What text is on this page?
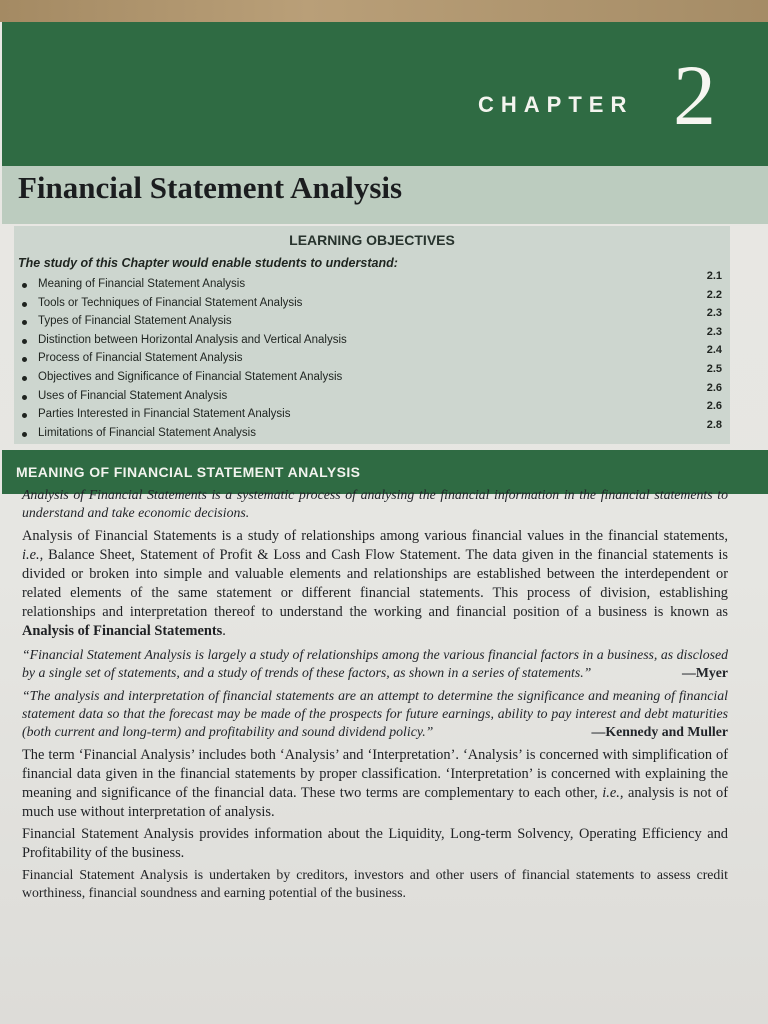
CHAPTER 2
Financial Statement Analysis
LEARNING OBJECTIVES
The study of this Chapter would enable students to understand:
Meaning of Financial Statement Analysis
2.1
Tools or Techniques of Financial Statement Analysis
2.2
Types of Financial Statement Analysis
2.3
Distinction between Horizontal Analysis and Vertical Analysis
2.3
Process of Financial Statement Analysis
2.4
Objectives and Significance of Financial Statement Analysis
2.5
Uses of Financial Statement Analysis
2.6
Parties Interested in Financial Statement Analysis
2.6
Limitations of Financial Statement Analysis
2.8
MEANING OF FINANCIAL STATEMENT ANALYSIS

Analysis of Financial Statements is a systematic process of analysing the financial information in the financial statements to understand and take economic decisions.

Analysis of Financial Statements is a study of relationships among various financial values in the financial statements, i.e., Balance Sheet, Statement of Profit & Loss and Cash Flow Statement. The data given in the financial statements is divided or broken into simple and valuable elements and relationships are established between the interdependent or related elements of the same statement or different financial statements. This process of division, establishing relationships and interpretation thereof to understand the working and financial position of a business is known as Analysis of Financial Statements.

“Financial Statement Analysis is largely a study of relationships among the various financial factors in a business, as disclosed by a single set of statements, and a study of trends of these factors, as shown in a series of statements.”	—Myer

“The analysis and interpretation of financial statements are an attempt to determine the significance and meaning of financial statement data so that the forecast may be made of the prospects for future earnings, ability to pay interest and debt maturities (both current and long-term) and profitability and sound dividend policy.”	—Kennedy and Muller

The term ‘Financial Analysis’ includes both ‘Analysis’ and ‘Interpretation’. ‘Analysis’ is concerned with simplification of financial data given in the financial statements by proper classification. ‘Interpretation’ is concerned with explaining the meaning and significance of the financial data. These two terms are complementary to each other, i.e., analysis is not of much use without interpretation of analysis.

Financial Statement Analysis provides information about the Liquidity, Long-term Solvency, Operating Efficiency and Profitability of the business.

Financial Statement Analysis is undertaken by creditors, investors and other users of financial statements to assess credit worthiness, financial soundness and earning potential of the business.
